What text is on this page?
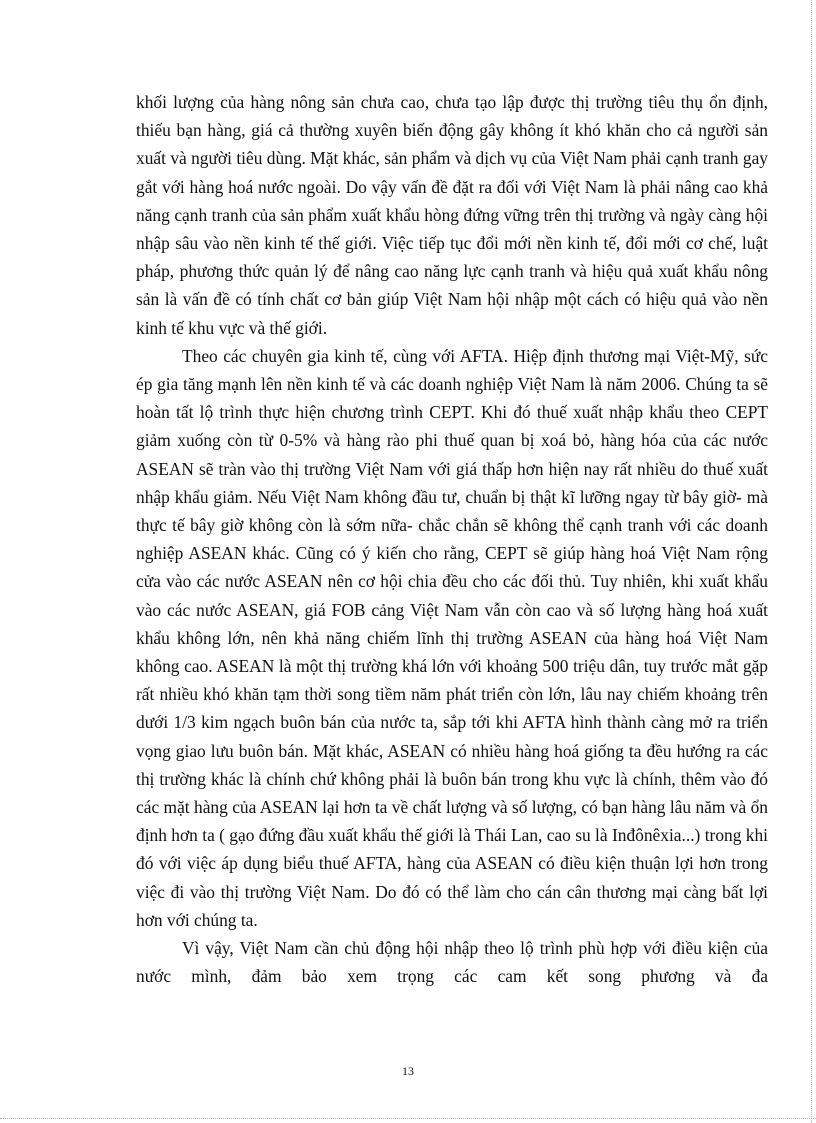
khối lượng của hàng nông sản chưa cao, chưa tạo lập được thị trường tiêu thụ ổn định, thiếu bạn hàng, giá cả thường xuyên biến động gây không ít khó khăn cho cả người sản xuất và người tiêu dùng. Mặt khác, sản phẩm và dịch vụ của Việt Nam phải cạnh tranh gay gắt với hàng hoá nước ngoài. Do vậy vấn đề đặt ra đối với Việt Nam là phải nâng cao khả năng cạnh tranh của sản phẩm xuất khẩu hòng đứng vững trên thị trường và ngày càng hội nhập sâu vào nền kinh tế thế giới. Việc tiếp tục đổi mới nền kinh tế, đổi mới cơ chế, luật pháp, phương thức quản lý để nâng cao năng lực cạnh tranh và hiệu quả xuất khẩu nông sản là vấn đề có tính chất cơ bản giúp Việt Nam hội nhập một cách có hiệu quả vào nền kinh tế khu vực và thế giới.

Theo các chuyên gia kinh tế, cùng với AFTA. Hiệp định thương mại Việt-Mỹ, sức ép gia tăng mạnh lên nền kinh tế và các doanh nghiệp Việt Nam là năm 2006. Chúng ta sẽ hoàn tất lộ trình thực hiện chương trình CEPT. Khi đó thuế xuất nhập khẩu theo CEPT giảm xuống còn từ 0-5% và hàng rào phi thuế quan bị xoá bỏ, hàng hóa của các nước ASEAN sẽ tràn vào thị trường Việt Nam với giá thấp hơn hiện nay rất nhiều do thuế xuất nhập khẩu giảm. Nếu Việt Nam không đầu tư, chuẩn bị thật kĩ lưỡng ngay từ bây giờ- mà thực tế bây giờ không còn là sớm nữa- chắc chắn sẽ không thể cạnh tranh với các doanh nghiệp ASEAN khác. Cũng có ý kiến cho rằng, CEPT sẽ giúp hàng hoá Việt Nam rộng cửa vào các nước ASEAN nên cơ hội chia đều cho các đối thủ. Tuy nhiên, khi xuất khẩu vào các nước ASEAN, giá FOB cảng Việt Nam vẫn còn cao và số lượng hàng hoá xuất khẩu không lớn, nên khả năng chiếm lĩnh thị trường ASEAN của hàng hoá Việt Nam không cao. ASEAN là một thị trường khá lớn với khoảng 500 triệu dân, tuy trước mắt gặp rất nhiều khó khăn tạm thời song tiềm năm phát triển còn lớn, lâu nay chiếm khoảng trên dưới 1/3 kim ngạch buôn bán của nước ta, sắp tới khi AFTA hình thành càng mở ra triển vọng giao lưu buôn bán. Mặt khác, ASEAN có nhiều hàng hoá giống ta đều hướng ra các thị trường khác là chính chứ không phải là buôn bán trong khu vực là chính, thêm vào đó các mặt hàng của ASEAN lại hơn ta về chất lượng và số lượng, có bạn hàng lâu năm và ổn định hơn ta ( gạo đứng đầu xuất khẩu thế giới là Thái Lan, cao su là Inđônêxia...) trong khi đó với việc áp dụng biểu thuế AFTA, hàng của ASEAN có điều kiện thuận lợi hơn trong việc đi vào thị trường Việt Nam. Do đó có thể làm cho cán cân thương mại càng bất lợi hơn với chúng ta.

Vì vậy, Việt Nam cần chủ động hội nhập theo lộ trình phù hợp với điều kiện của nước mình, đảm bảo xem trọng các cam kết song phương và đa

13
